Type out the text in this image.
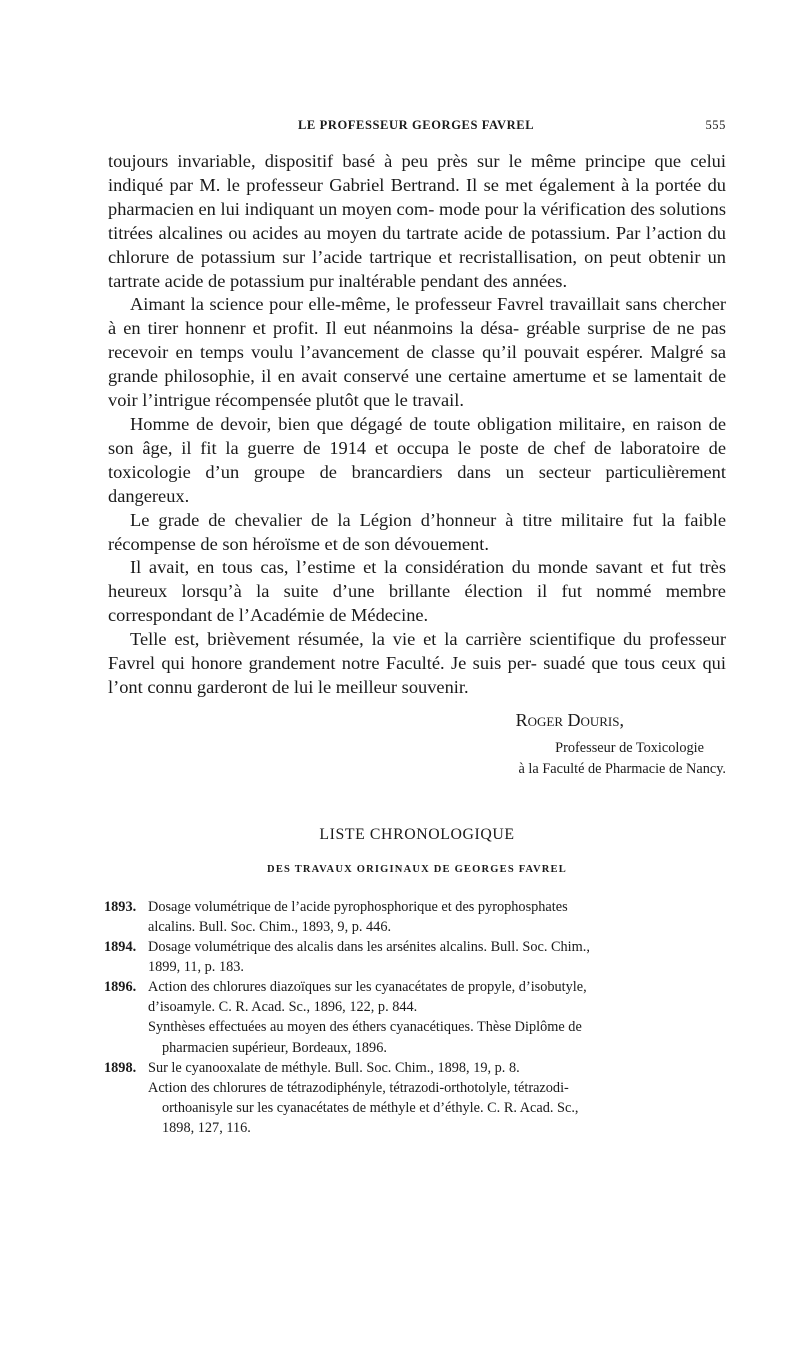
LE PROFESSEUR GEORGES FAVREL	555

toujours invariable, dispositif basé à peu près sur le même principe que celui indiqué par M. le professeur Gabriel Bertrand. Il se met également à la portée du pharmacien en lui indiquant un moyen com- mode pour la vérification des solutions titrées alcalines ou acides au moyen du tartrate acide de potassium. Par l’action du chlorure de potassium sur l’acide tartrique et recristallisation, on peut obtenir un tartrate acide de potassium pur inaltérable pendant des années.

Aimant la science pour elle-même, le professeur Favrel travaillait sans chercher à en tirer honnenr et profit. Il eut néanmoins la désa- gréable surprise de ne pas recevoir en temps voulu l’avancement de classe qu’il pouvait espérer. Malgré sa grande philosophie, il en avait conservé une certaine amertume et se lamentait de voir l’intrigue récompensée plutôt que le travail.

Homme de devoir, bien que dégagé de toute obligation militaire, en raison de son âge, il fit la guerre de 1914 et occupa le poste de chef de laboratoire de toxicologie d’un groupe de brancardiers dans un secteur particulièrement dangereux.

Le grade de chevalier de la Légion d’honneur à titre militaire fut la faible récompense de son héroïsme et de son dévouement.

Il avait, en tous cas, l’estime et la considération du monde savant et fut très heureux lorsqu’à la suite d’une brillante élection il fut nommé membre correspondant de l’Académie de Médecine.

Telle est, brièvement résumée, la vie et la carrière scientifique du professeur Favrel qui honore grandement notre Faculté. Je suis per- suadé que tous ceux qui l’ont connu garderont de lui le meilleur souvenir.

Roger Douris,
Professeur de Toxicologie
à la Faculté de Pharmacie de Nancy.
LISTE CHRONOLOGIQUE
DES TRAVAUX ORIGINAUX DE GEORGES FAVREL
1893. Dosage volumétrique de l’acide pyrophosphorique et des pyrophosphates
alcalins. Bull. Soc. Chim., 1893, 9, p. 446.
1894. Dosage volumétrique des alcalis dans les arsénites alcalins. Bull. Soc. Chim.,
1899, 11, p. 183.
1896. Action des chlorures diazoïques sur les cyanacétates de propyle, d’isobutyle,
d’isoamyle. C. R. Acad. Sc., 1896, 122, p. 844.
Synthèses effectuées au moyen des éthers cyanacétiques. Thèse Diplôme de
pharmacien supérieur, Bordeaux, 1896.
1898. Sur le cyanooxalate de méthyle. Bull. Soc. Chim., 1898, 19, p. 8.
Action des chlorures de tétrazodiphényle, tétrazodi-orthotolyle, tétrazodi-
orthoanisyle sur les cyanacétates de méthyle et d’éthyle. C. R. Acad. Sc.,
1898, 127, 116.
